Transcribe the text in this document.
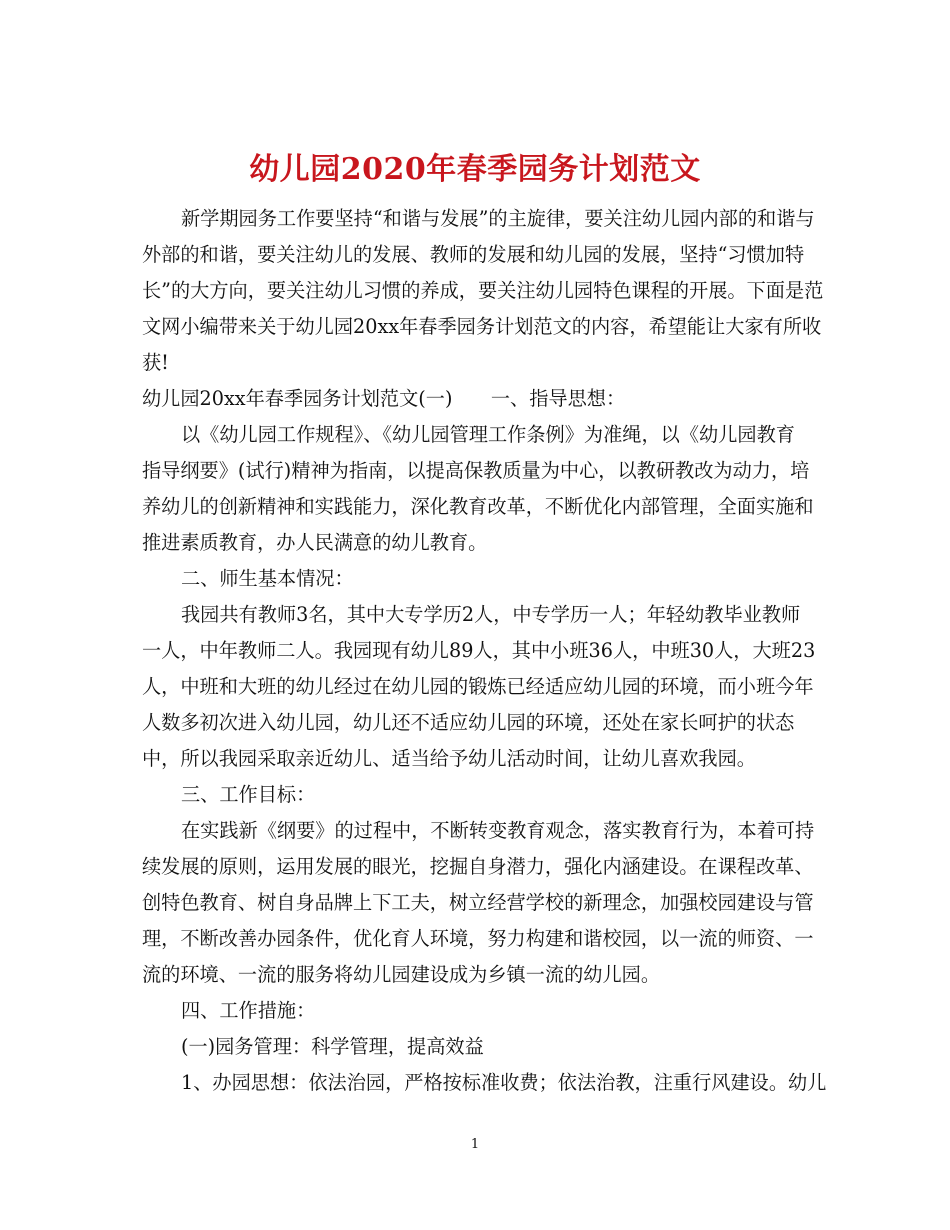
幼儿园2020年春季园务计划范文
新学期园务工作要坚持“和谐与发展”的主旋律，要关注幼儿园内部的和谐与
外部的和谐，要关注幼儿的发展、教师的发展和幼儿园的发展，坚持“习惯加特
长”的大方向，要关注幼儿习惯的养成，要关注幼儿园特色课程的开展。下面是范
文网小编带来关于幼儿园20xx年春季园务计划范文的内容，希望能让大家有所收
获!
幼儿园20xx年春季园务计划范文(一)　　一、指导思想：
以《幼儿园工作规程》、《幼儿园管理工作条例》为准绳，以《幼儿园教育
指导纲要》(试行)精神为指南，以提高保教质量为中心，以教研教改为动力，培
养幼儿的创新精神和实践能力，深化教育改革，不断优化内部管理，全面实施和
推进素质教育，办人民满意的幼儿教育。
二、师生基本情况：
我园共有教师3名，其中大专学历2人，中专学历一人；年轻幼教毕业教师
一人，中年教师二人。我园现有幼儿89人，其中小班36人，中班30人，大班23
人，中班和大班的幼儿经过在幼儿园的锻炼已经适应幼儿园的环境，而小班今年
人数多初次进入幼儿园，幼儿还不适应幼儿园的环境，还处在家长呵护的状态
中，所以我园采取亲近幼儿、适当给予幼儿活动时间，让幼儿喜欢我园。
三、工作目标：
在实践新《纲要》的过程中，不断转变教育观念，落实教育行为，本着可持
续发展的原则，运用发展的眼光，挖掘自身潜力，强化内涵建设。在课程改革、
创特色教育、树自身品牌上下工夫，树立经营学校的新理念，加强校园建设与管
理，不断改善办园条件，优化育人环境，努力构建和谐校园，以一流的师资、一
流的环境、一流的服务将幼儿园建设成为乡镇一流的幼儿园。
四、工作措施：
(一)园务管理：科学管理，提高效益
1、办园思想：依法治园，严格按标准收费；依法治教，注重行风建设。幼儿
1
